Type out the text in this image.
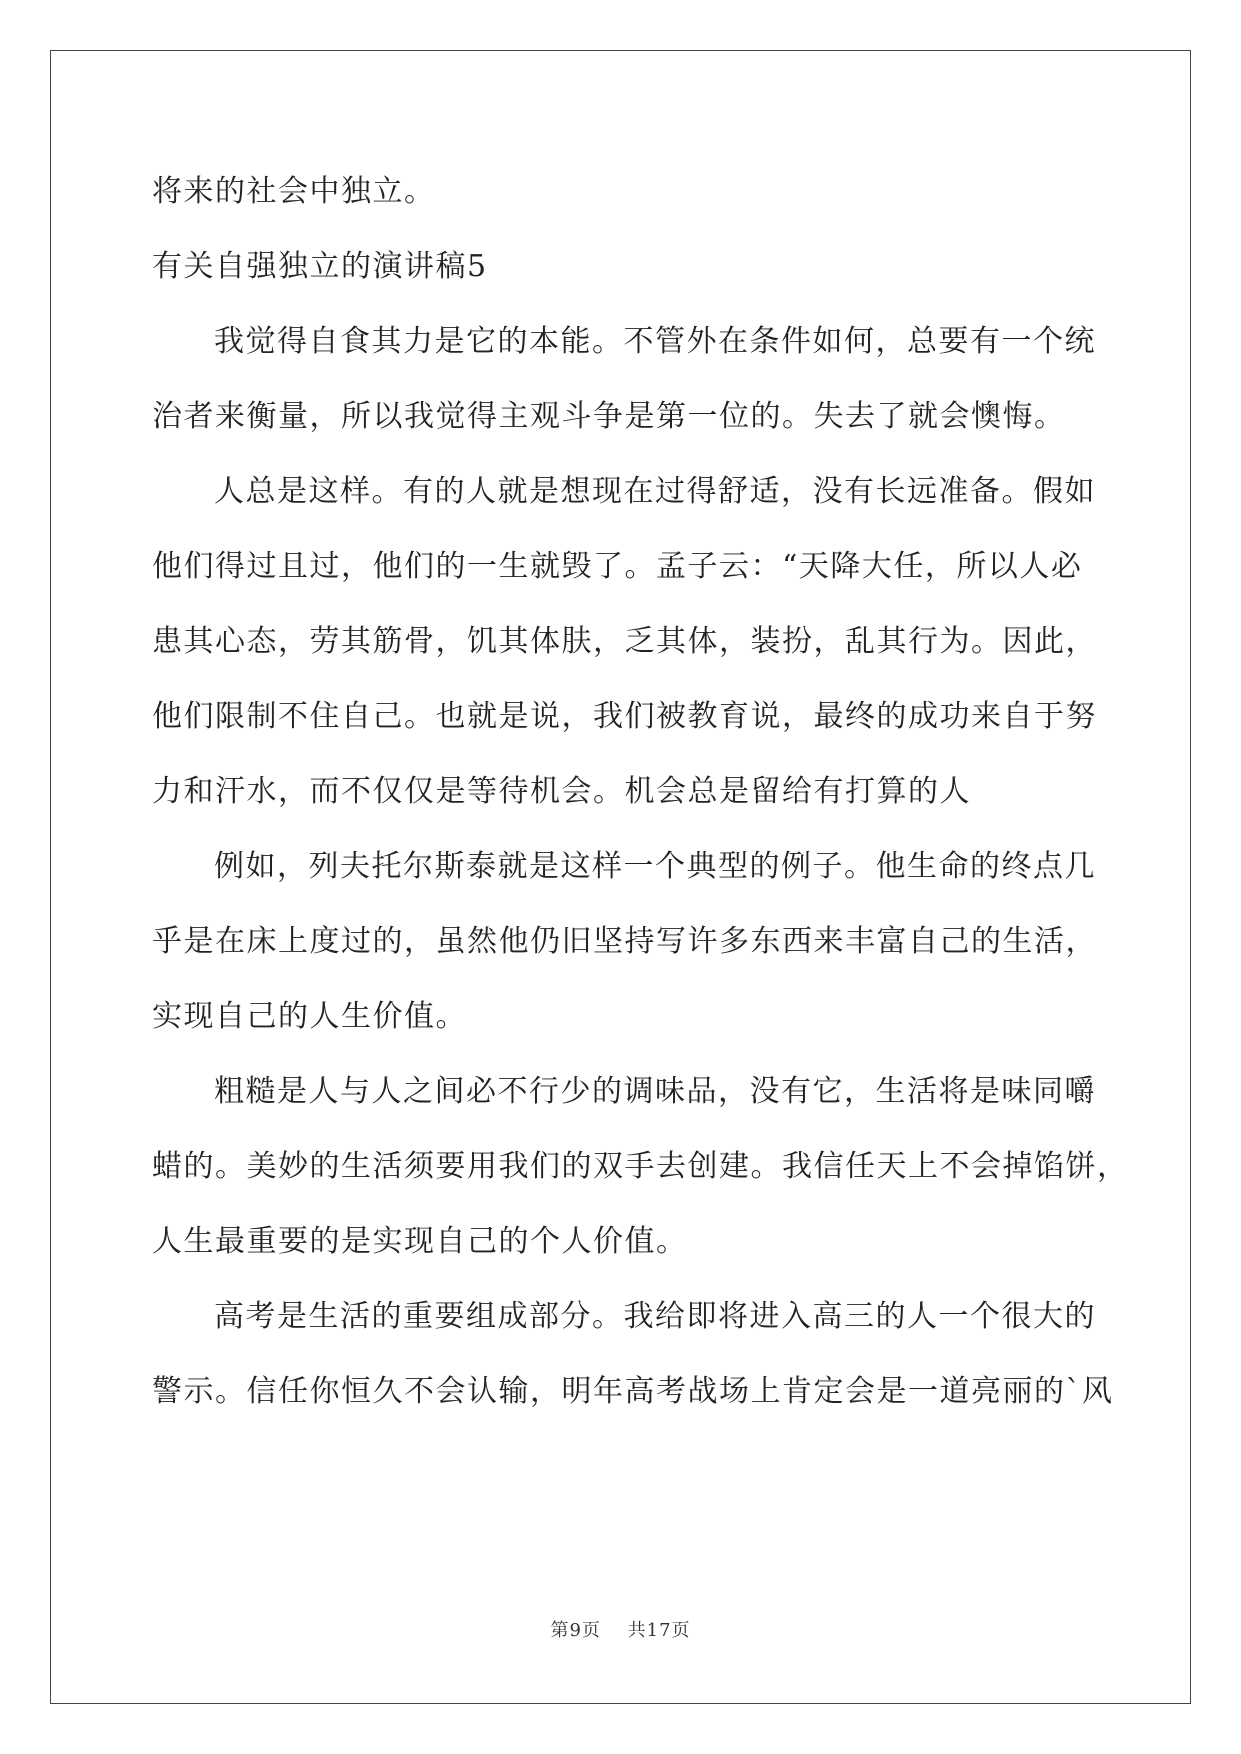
将来的社会中独立。
有关自强独立的演讲稿5
我觉得自食其力是它的本能。不管外在条件如何，总要有一个统
治者来衡量，所以我觉得主观斗争是第一位的。失去了就会懊悔。
人总是这样。有的人就是想现在过得舒适，没有长远准备。假如
他们得过且过，他们的一生就毁了。孟子云：“天降大任，所以人必
患其心态，劳其筋骨，饥其体肤，乏其体，装扮，乱其行为。因此，
他们限制不住自己。也就是说，我们被教育说，最终的成功来自于努
力和汗水，而不仅仅是等待机会。机会总是留给有打算的人
例如，列夫托尔斯泰就是这样一个典型的例子。他生命的终点几
乎是在床上度过的，虽然他仍旧坚持写许多东西来丰富自己的生活，
实现自己的人生价值。
粗糙是人与人之间必不行少的调味品，没有它，生活将是味同嚼
蜡的。美妙的生活须要用我们的双手去创建。我信任天上不会掉馅饼，
人生最重要的是实现自己的个人价值。
高考是生活的重要组成部分。我给即将进入高三的人一个很大的
警示。信任你恒久不会认输，明年高考战场上肯定会是一道亮丽的`风
第9页 共17页
